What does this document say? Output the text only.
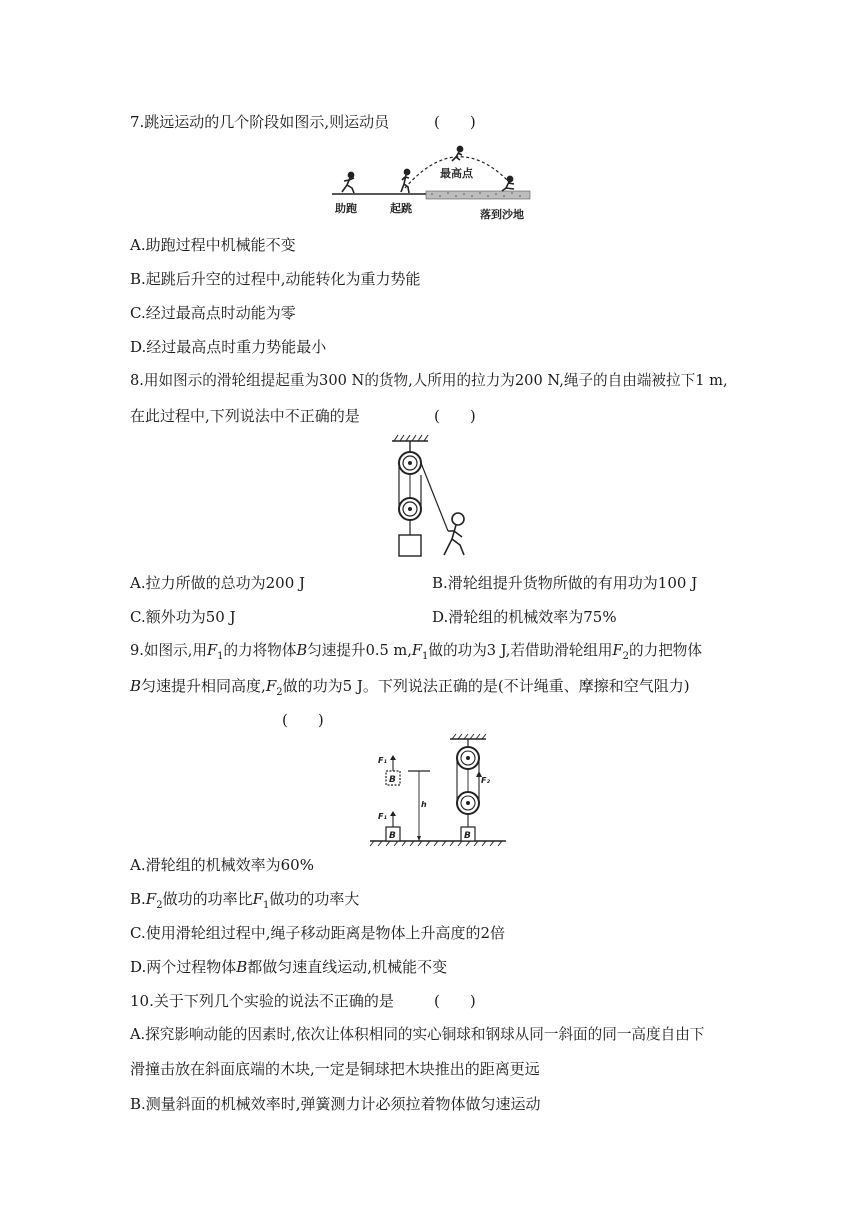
7.跳远运动的几个阶段如图示,则运动员	(　　)
助跑	起跳
最高点
落到沙地
A.助跑过程中机械能不变
B.起跳后升空的过程中,动能转化为重力势能
C.经过最高点时动能为零
D.经过最高点时重力势能最小
8.用如图示的滑轮组提起重为300 N的货物,人所用的拉力为200 N,绳子的自由端被拉下1 m,
在此过程中,下列说法中不正确的是	(　　)
A.拉力所做的总功为200 J	B.滑轮组提升货物所做的有用功为100 J
C.额外功为50 J	D.滑轮组的机械效率为75%
9.如图示,用$F_1$的力将物体B匀速提升0.5 $m,F_1$做的功为3 J,若借助滑轮组用$F_2$的力把物体
B匀速提升相同高度$,F_2$做的功为5 J。下列说法正确的是(不计绳重、摩擦和空气阻力)
(　　)
B
F₁
B
F₁
h
B
F₂
A.滑轮组的机械效率为60%
$B.F_2$做功的功率比$F_1$做功的功率大
C.使用滑轮组过程中,绳子移动距离是物体上升高度的2倍
D.两个过程物体B都做匀速直线运动,机械能不变
10.关于下列几个实验的说法不正确的是	(　　)
A.探究影响动能的因素时,依次让体积相同的实心铜球和钢球从同一斜面的同一高度自由下
滑撞击放在斜面底端的木块,一定是铜球把木块推出的距离更远
B.测量斜面的机械效率时,弹簧测力计必须拉着物体做匀速运动
